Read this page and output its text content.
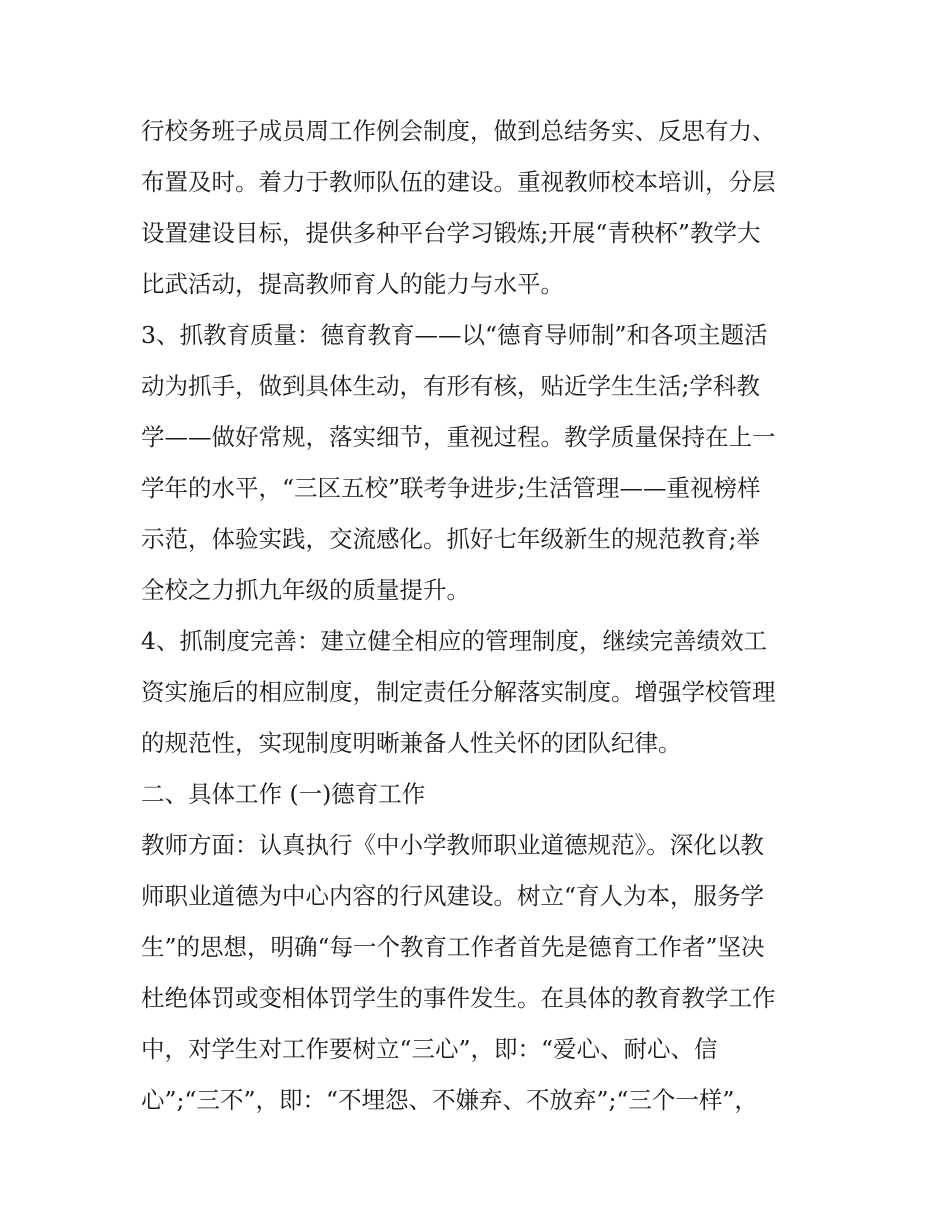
行校务班子成员周工作例会制度，做到总结务实、反思有力、
布置及时。着力于教师队伍的建设。重视教师校本培训，分层
设置建设目标，提供多种平台学习锻炼;开展“青秧杯”教学大
比武活动，提高教师育人的能力与水平。
3、抓教育质量：德育教育——以“德育导师制”和各项主题活
动为抓手，做到具体生动，有形有核，贴近学生生活;学科教
学——做好常规，落实细节，重视过程。教学质量保持在上一
学年的水平，“三区五校”联考争进步;生活管理——重视榜样
示范，体验实践，交流感化。抓好七年级新生的规范教育;举
全校之力抓九年级的质量提升。
4、抓制度完善：建立健全相应的管理制度，继续完善绩效工
资实施后的相应制度，制定责任分解落实制度。增强学校管理
的规范性，实现制度明晰兼备人性关怀的团队纪律。
二、具体工作 (一)德育工作
教师方面：认真执行《中小学教师职业道德规范》。深化以教
师职业道德为中心内容的行风建设。树立“育人为本，服务学
生”的思想，明确“每一个教育工作者首先是德育工作者”坚决
杜绝体罚或变相体罚学生的事件发生。在具体的教育教学工作
中，对学生对工作要树立“三心”，即：“爱心、耐心、信
心”;“三不”，即：“不埋怨、不嫌弃、不放弃”;“三个一样”，
